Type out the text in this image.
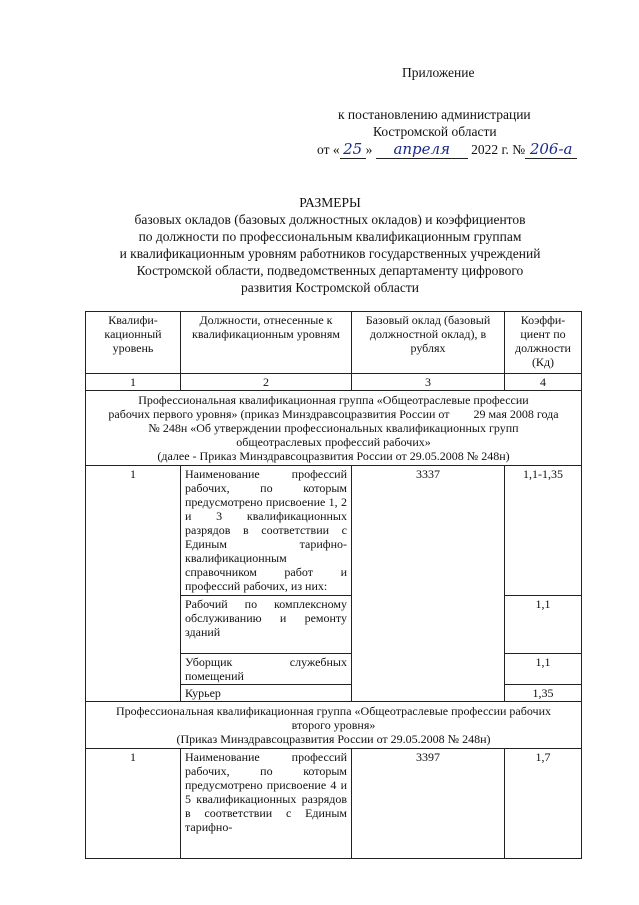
Приложение
к постановлению администрации
Костромской области
от « 25 » апреля 2022 г. № 206-а
РАЗМЕРЫ
базовых окладов (базовых должностных окладов) и коэффициентов
по должности по профессиональным квалификационным группам
и квалификационным уровням работников государственных учреждений
Костромской области, подведомственных департаменту цифрового
развития Костромской области
Квалифи-кационный уровень	Должности, отнесенные к квалификационным уровням	Базовый оклад (базовый должностной оклад), в рублях	Коэффи-циент по должности (Кд)
1	2	3	4

Профессиональная квалификационная группа «Общеотраслевые профессии
рабочих первого уровня» (приказ Минздравсоцразвития России от        29 мая 2008 года
№ 248н «Об утверждении профессиональных квалификационных групп
общеотраслевых профессий рабочих»
(далее - Приказ Минздравсоцразвития России от 29.05.2008 № 248н)			

1	Наименование профессий рабочих, по которым предусмотрено присвоение 1, 2 и 3 квалификационных разрядов в соответствии с Единым тарифно-квалификационным справочником работ и профессий рабочих, из них:	3337	1,1-1,35
	Рабочий по комплексному обслуживанию и ремонту зданий		1,1
	Уборщик служебных помещений		1,1
	Курьер		1,35

Профессиональная квалификационная группа «Общеотраслевые профессии рабочих
второго уровня»
(Приказ Минздравсоцразвития России от 29.05.2008 № 248н)			

1	Наименование профессий рабочих, по которым предусмотрено присвоение 4 и 5 квалификационных разрядов в соответствии с Единым тарифно-	3397	1,7
